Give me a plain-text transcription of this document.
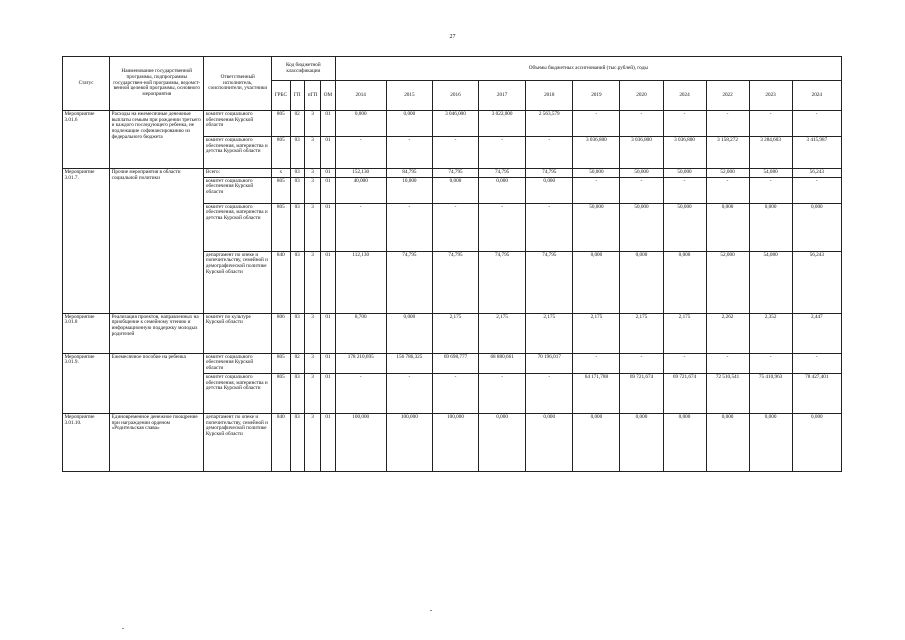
27
Статус	Наименование государственной программы, подпрограммы государствен-ной программы, ведомст-венной целевой программы, основного мероприятия	Ответственный исполнитель, соисполнители, участники	Код бюджетной классификации				Объемы бюджетных ассигнований (тыс.рублей), годы										
			ГРБС	ГП	пГП	ОМ	2014	2015	2016	2017	2018	2019	2020	2024	2022	2023	2024
Мероприятие 3.01.6	Расходы на ежемесячные денежные выплаты семьям при рождении третьего и каждого последующего ребенка, не подлежащие софинансированию из федерального бюджета	комитет социального обеспечения Курской области	805	02	3	01	0,000	0,000	3 046,000	3 022,000	2 563,579	-	-	-	-	-	-
		комитет социального обеспечения, материнства и детства Курской области	805	03	3	01	-	-	-	-	-	3 036,800	3 036,800	3 036,800	3 158,272	3 284,603	3 415,987
Мероприятие 3.01.7.	Прочие мероприятия в области социальной политики	Всего:	х	03	3	01	152,130	84,795	74,795	74,795	74,795	50,000	50,000	50,000	52,000	54,080	56,243
		комитет социального обеспечения Курской области	805	03	3	01	40,000	10,000	0,000	0,000	0,000	-	-	-	-	-	-
		комитет социального обеспечения, материнства и детства Курской области	805	03	3	01	-	-	-	-	-	50,000	50,000	50,000	0,000	0,000	0,000
		департамент по опеке и попечительству, семейной и демографической политике Курской области	840	03	3	01	112,130	74,795	74,795	74,795	74,795	0,000	0,000	0,000	52,000	54,080	56,243
Мероприятие 3.01.8	Реализация проектов, направленных на приобщение к семейному чтению и информационную поддержку молодых родителей	комитет по культуре Курской области	806	03	3	01	8,700	0,000	2,175	2,175	2,175	2,175	2,175	2,175	2,262	2,352	2,447
Мероприятие 3.01.9.	Ежемесячное пособие на ребенка	комитет социального обеспечения Курской области	805	02	3	01	178 210,695	156 786,325	69 698,777	68 880,661	70 196,017	-	-	-	-	-	-
		комитет социального обеспечения, материнства и детства Курской области	805	03	3	01	-	-	-	-	-	64 171,788	69 721,674	69 721,674	72 510,541	75 410,963	78 427,401
Мероприятие 3.01.10.	Единовременное денежное поощрение при награждении орденом «Родительская слава»	департамент по опеке и попечительству, семейной и демографической политике Курской области	840	03	3	01	100,000	100,000	100,000	0,000	0,000	0,000	0,000	0,000	0,000	0,000	0,000
